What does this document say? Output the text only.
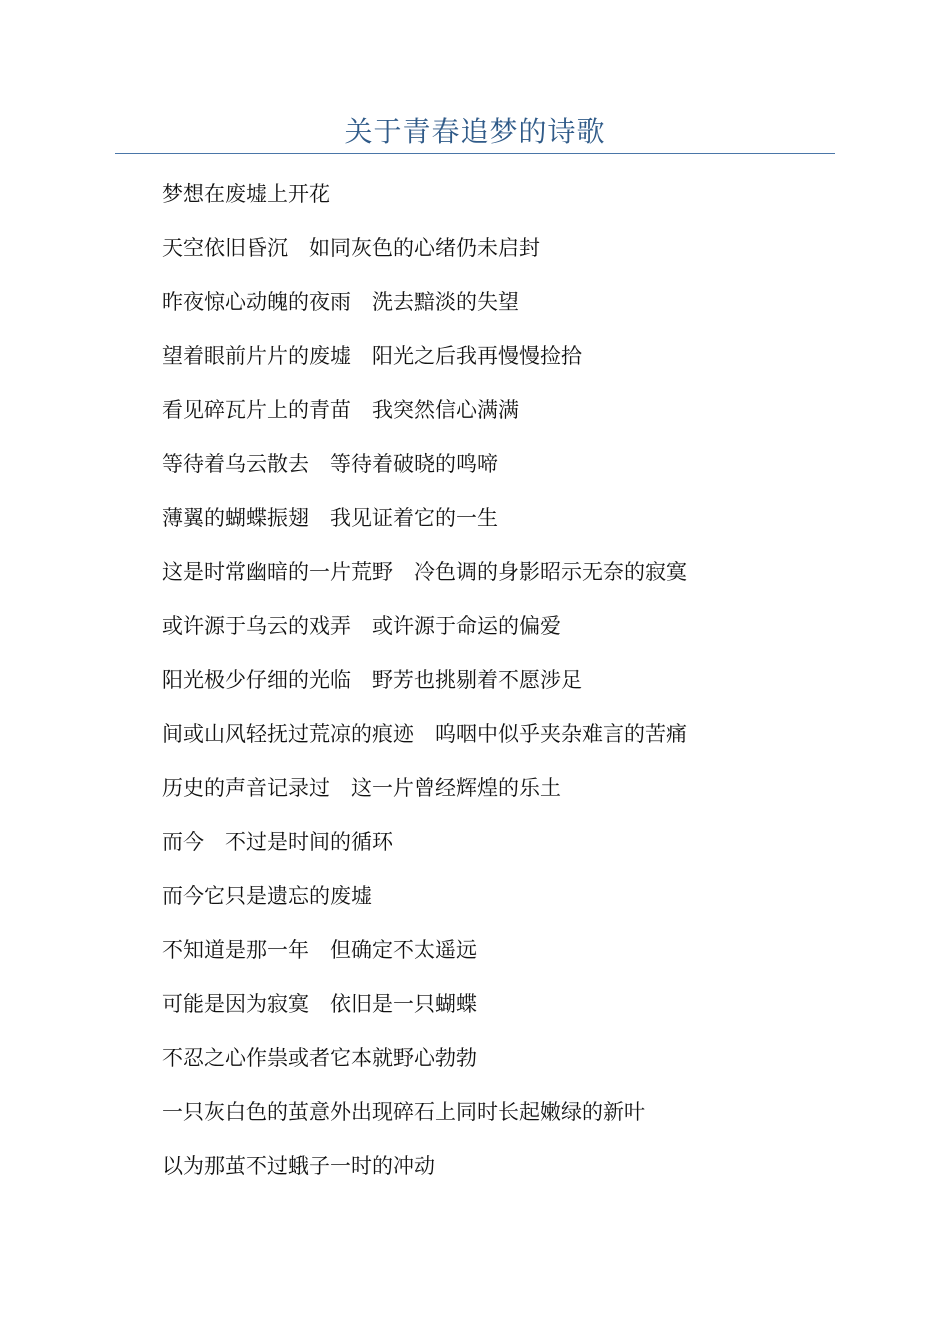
关于青春追梦的诗歌
梦想在废墟上开花
天空依旧昏沉　如同灰色的心绪仍未启封
昨夜惊心动魄的夜雨　洗去黯淡的失望
望着眼前片片的废墟　阳光之后我再慢慢捡拾
看见碎瓦片上的青苗　我突然信心满满
等待着乌云散去　等待着破晓的鸣啼
薄翼的蝴蝶振翅　我见证着它的一生
这是时常幽暗的一片荒野　冷色调的身影昭示无奈的寂寞
或许源于乌云的戏弄　或许源于命运的偏爱
阳光极少仔细的光临　野芳也挑剔着不愿涉足
间或山风轻抚过荒凉的痕迹　呜咽中似乎夹杂难言的苦痛
历史的声音记录过　这一片曾经辉煌的乐土
而今　不过是时间的循环
而今它只是遗忘的废墟
不知道是那一年　但确定不太遥远
可能是因为寂寞　依旧是一只蝴蝶
不忍之心作祟或者它本就野心勃勃
一只灰白色的茧意外出现碎石上同时长起嫩绿的新叶
以为那茧不过蛾子一时的冲动
